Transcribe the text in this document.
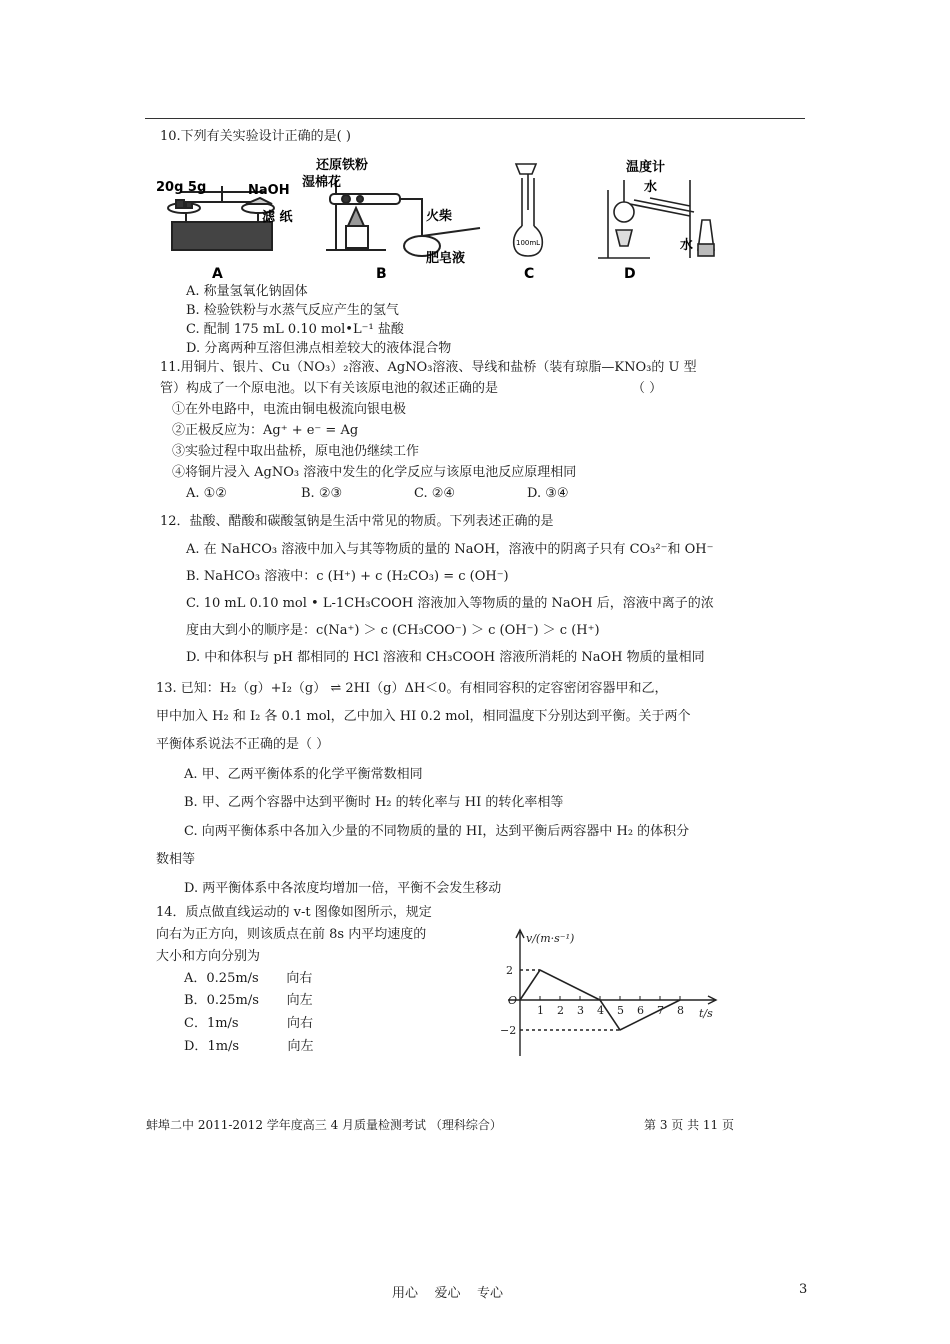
10.下列有关实验设计正确的是( )
20g 5g	NaOH
滤 纸
A
还原铁粉
湿棉花
火柴
肥皂液
B
100mL
C
温度计
水
水
D
A. 称量氢氧化钠固体
B. 检验铁粉与水蒸气反应产生的氢气
C. 配制 175 mL 0.10 mol•L⁻¹ 盐酸
D. 分离两种互溶但沸点相差较大的液体混合物
11.用铜片、银片、Cu（NO₃）₂溶液、AgNO₃溶液、导线和盐桥（装有琼脂—KNO₃的 U 型
管）构成了一个原电池。以下有关该原电池的叙述正确的是	（ ）
①在外电路中，电流由铜电极流向银电极
②正极反应为：Ag⁺ + e⁻ = Ag
③实验过程中取出盐桥，原电池仍继续工作
④将铜片浸入 AgNO₃ 溶液中发生的化学反应与该原电池反应原理相同
A. ①②	B. ②③	C. ②④	D. ③④
12．盐酸、醋酸和碳酸氢钠是生活中常见的物质。下列表述正确的是
A. 在 NaHCO₃ 溶液中加入与其等物质的量的 NaOH，溶液中的阴离子只有 CO₃²⁻和 OH⁻
B. NaHCO₃ 溶液中：c (H⁺) + c (H₂CO₃) = c (OH⁻)
C. 10 mL 0.10 mol • L-1CH₃COOH 溶液加入等物质的量的 NaOH 后，溶液中离子的浓
度由大到小的顺序是：c(Na⁺) ＞ c (CH₃COO⁻) ＞ c (OH⁻) ＞ c (H⁺)
D. 中和体积与 pH 都相同的 HCl 溶液和 CH₃COOH 溶液所消耗的 NaOH 物质的量相同
13. 已知：H₂（g）+I₂（g） ⇌ 2HI（g）ΔH＜0。有相同容积的定容密闭容器甲和乙，
甲中加入 H₂ 和 I₂ 各 0.1 mol，乙中加入 HI 0.2 mol，相同温度下分别达到平衡。关于两个
平衡体系说法不正确的是（ ）
A. 甲、乙两平衡体系的化学平衡常数相同
B. 甲、乙两个容器中达到平衡时 H₂ 的转化率与 HI 的转化率相等
C. 向两平衡体系中各加入少量的不同物质的量的 HI，达到平衡后两容器中 H₂ 的体积分
数相等
D. 两平衡体系中各浓度均增加一倍，平衡不会发生移动
14．质点做直线运动的 v-t 图像如图所示，规定
向右为正方向，则该质点在前 8s 内平均速度的
大小和方向分别为
A．0.25m/s 向右
B．0.25m/s 向左
C．1m/s	向右
D．1m/s	向左
v/(m·s⁻¹)
2
−2
O
t/s
1 2 3 4 5 6 7 8
蚌埠二中 2011-2012 学年度高三 4 月质量检测考试 （理科综合）	第 3 页 共 11 页
用心    爱心    专心	3
